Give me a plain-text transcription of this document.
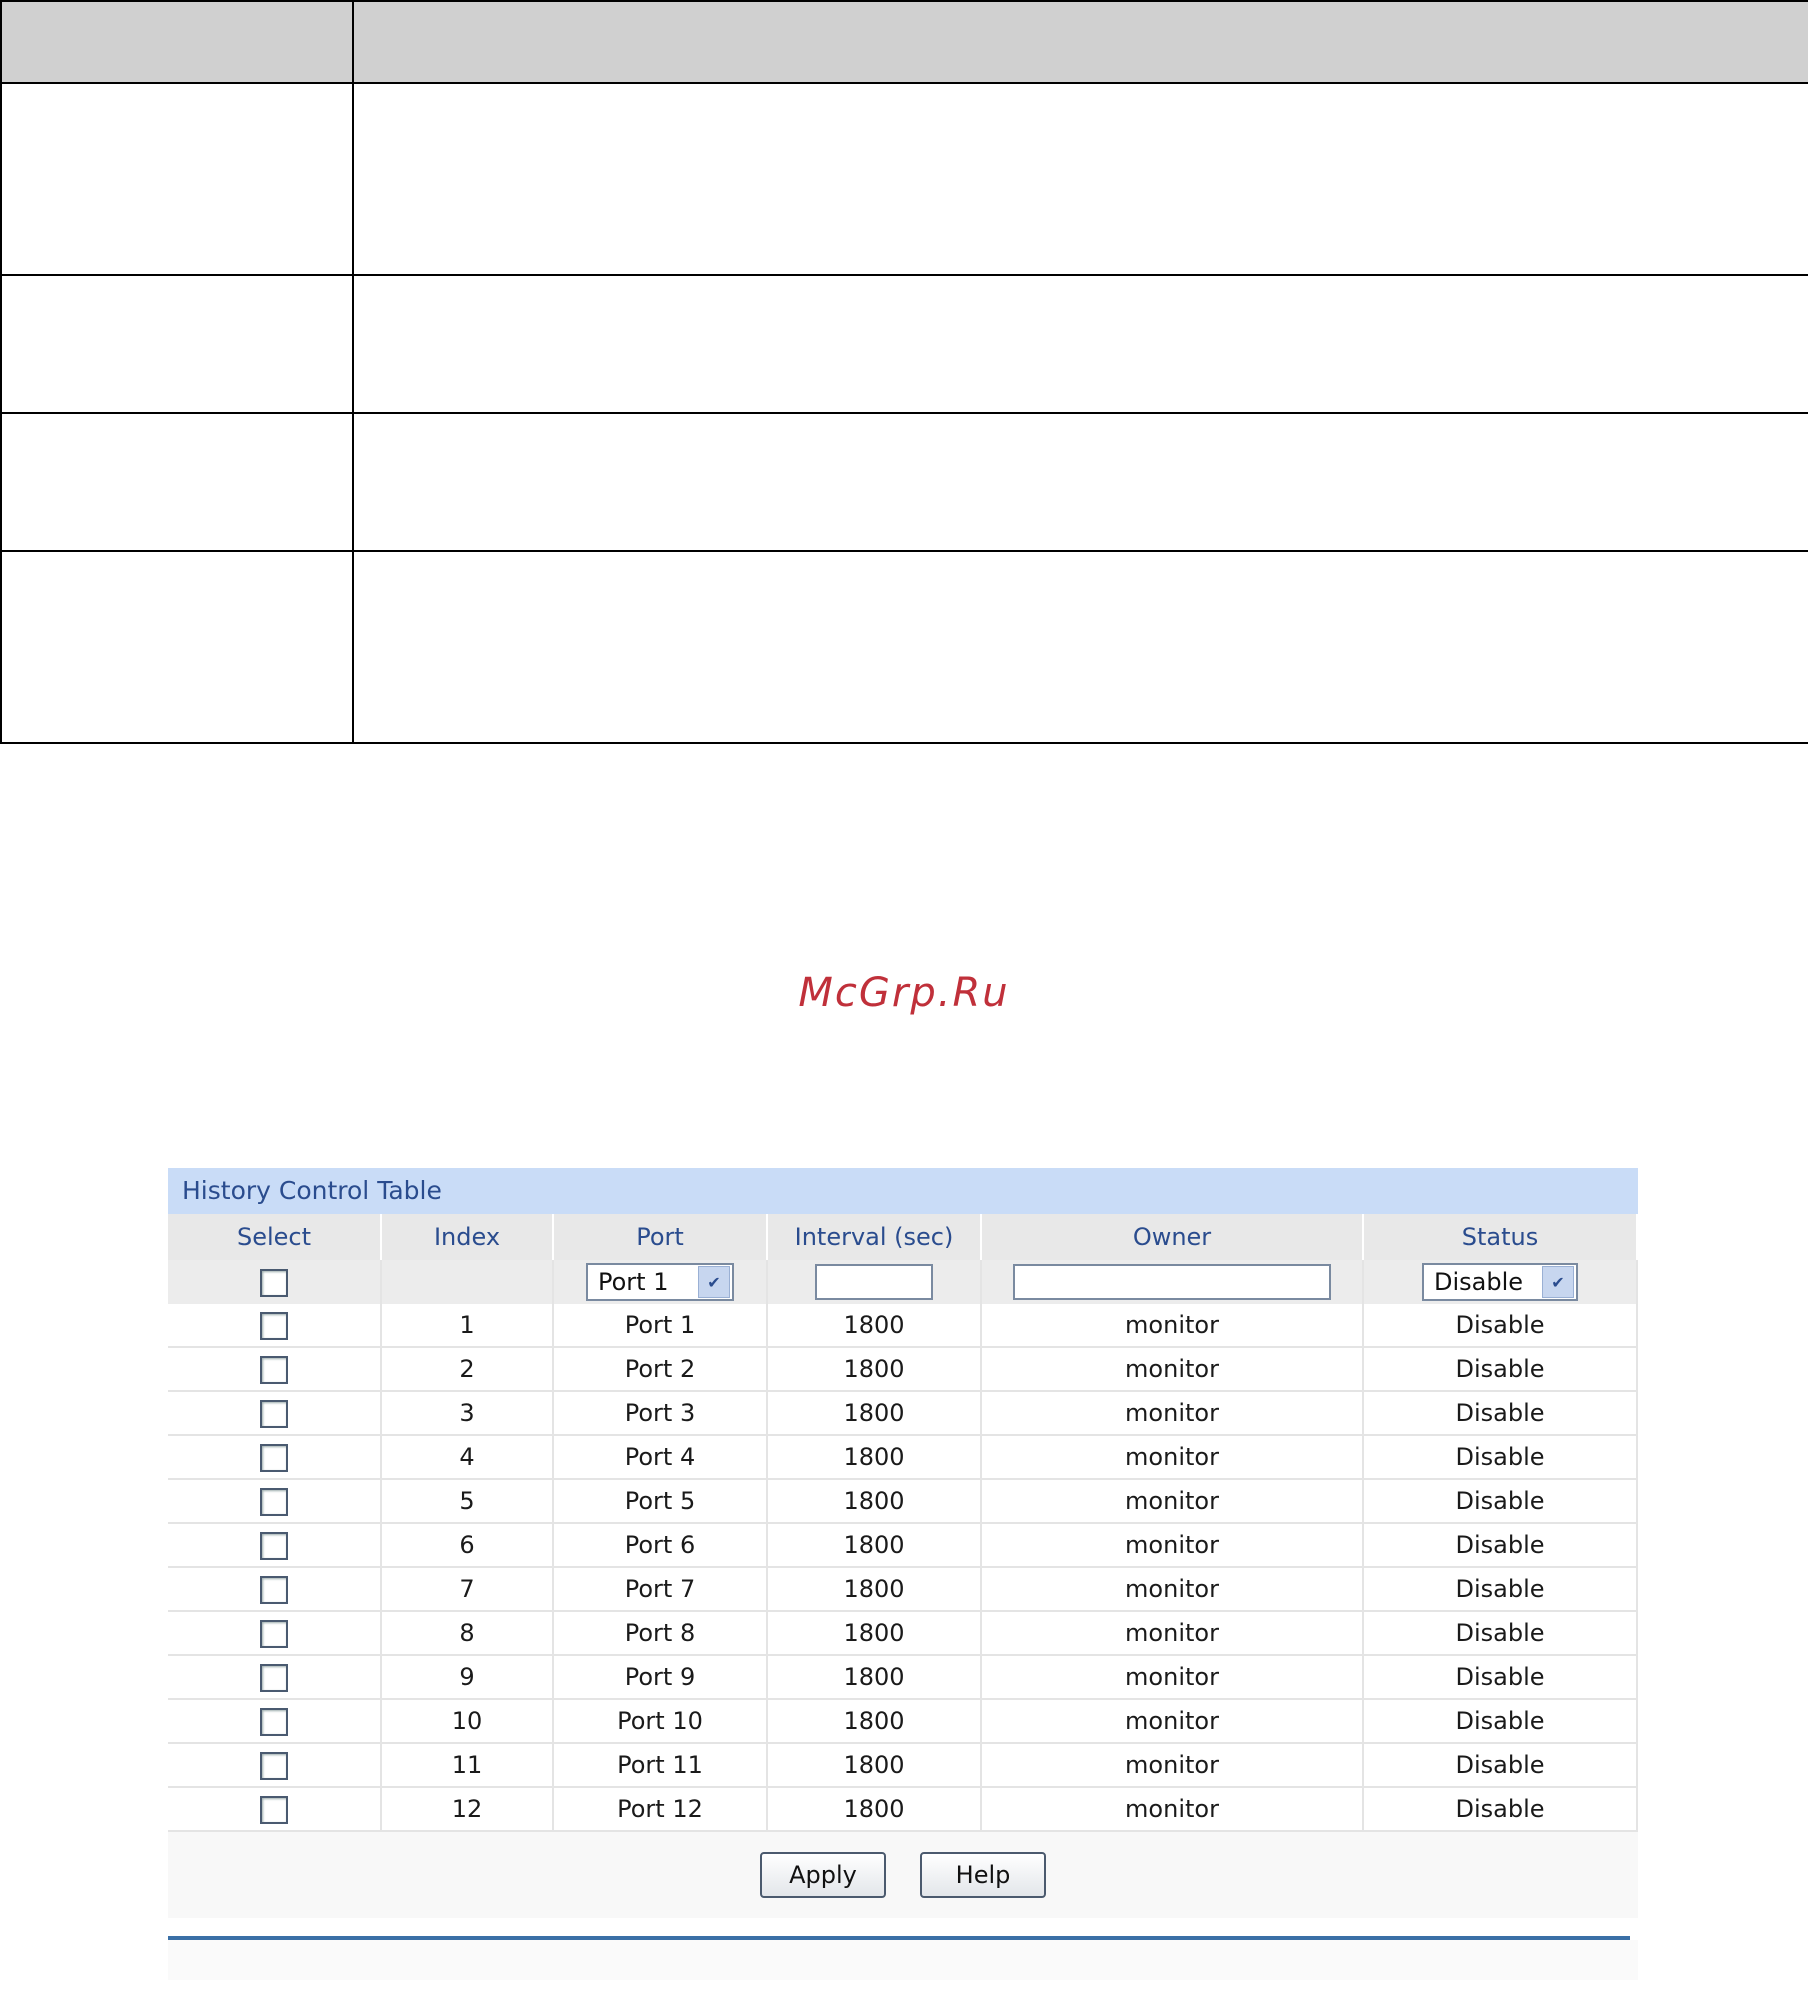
McGrp.Ru
History Control Table
Select	Index	Port	Interval (sec)	Owner	Status

		Port 1 ✔			Disable ✔

	1	Port 1	1800	monitor	Disable
	2	Port 2	1800	monitor	Disable
	3	Port 3	1800	monitor	Disable
	4	Port 4	1800	monitor	Disable
	5	Port 5	1800	monitor	Disable
	6	Port 6	1800	monitor	Disable
	7	Port 7	1800	monitor	Disable
	8	Port 8	1800	monitor	Disable
	9	Port 9	1800	monitor	Disable
	10	Port 10	1800	monitor	Disable
	11	Port 11	1800	monitor	Disable
	12	Port 12	1800	monitor	Disable
Apply	Help
